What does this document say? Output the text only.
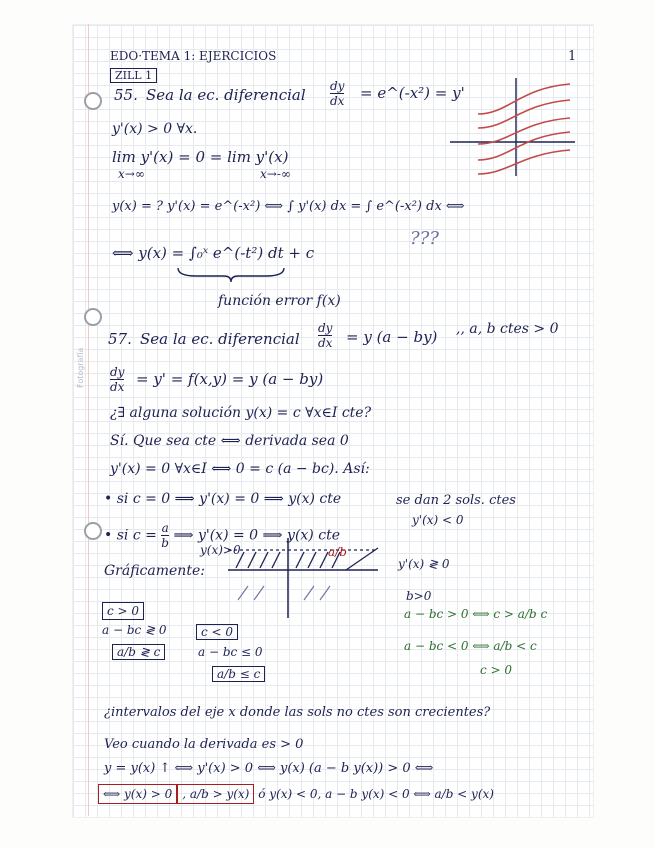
Fotografía
EDO·TEMA 1: EJERCICIOS	1
ZILL 1
55. Sea la ec. diferencial $\frac{dy}{dx}$ = e^(-x²) = y'
y'(x) > 0 ∀x.
lim y'(x) = 0 = lim y'(x)
x→∞	x→-∞
y(x) = ? y'(x) = e^(-x²) ⟺ ∫ y'(x) dx = ∫ e^(-x²) dx ⟺
???
⟺ y(x) = ∫₀ˣ e^(-t²) dt + c
función error f(x)
57. Sea la ec. diferencial $\frac{dy}{dx} = y$ (a − by) ,, a, b ctes > 0
$\frac{dy}{dx} = y' = f(x,y) = y$ (a − by)
¿∃ alguna solución y(x) = c ∀x∈I cte?
Sí. Que sea cte ⟺ derivada sea 0
y'(x) = 0 ∀x∈I ⟺ 0 = c (a − bc). Así:
• si c = 0 ⟹ y'(x) = 0 ⟹ y(x) cte
• si $c = \frac{a}{b}$ ⟹ y'(x) = 0 ⟹ y(x) cte
se dan 2 sols. ctes
y'(x) < 0
Gráficamente:
y(x)>0	a/b
y'(x) ≷ 0
b>0
a − bc > 0 ⟺ c > a/b c
a − bc < 0 ⟺ a/b < c
c > 0
c > 0
a − bc ≷ 0
a/b ≷ c
c < 0
a − bc ≤ 0
a/b ≤ c
¿intervalos del eje x donde las sols no ctes son crecientes?
Veo cuando la derivada es > 0
y = y(x) ↑ ⟺ y'(x) > 0 ⟺ y(x) (a − b y(x)) > 0 ⟺
⟺ y(x) > 0 , a/b > y(x) ó y(x) < 0, a − b y(x) < 0 ⟺ a/b < y(x)
